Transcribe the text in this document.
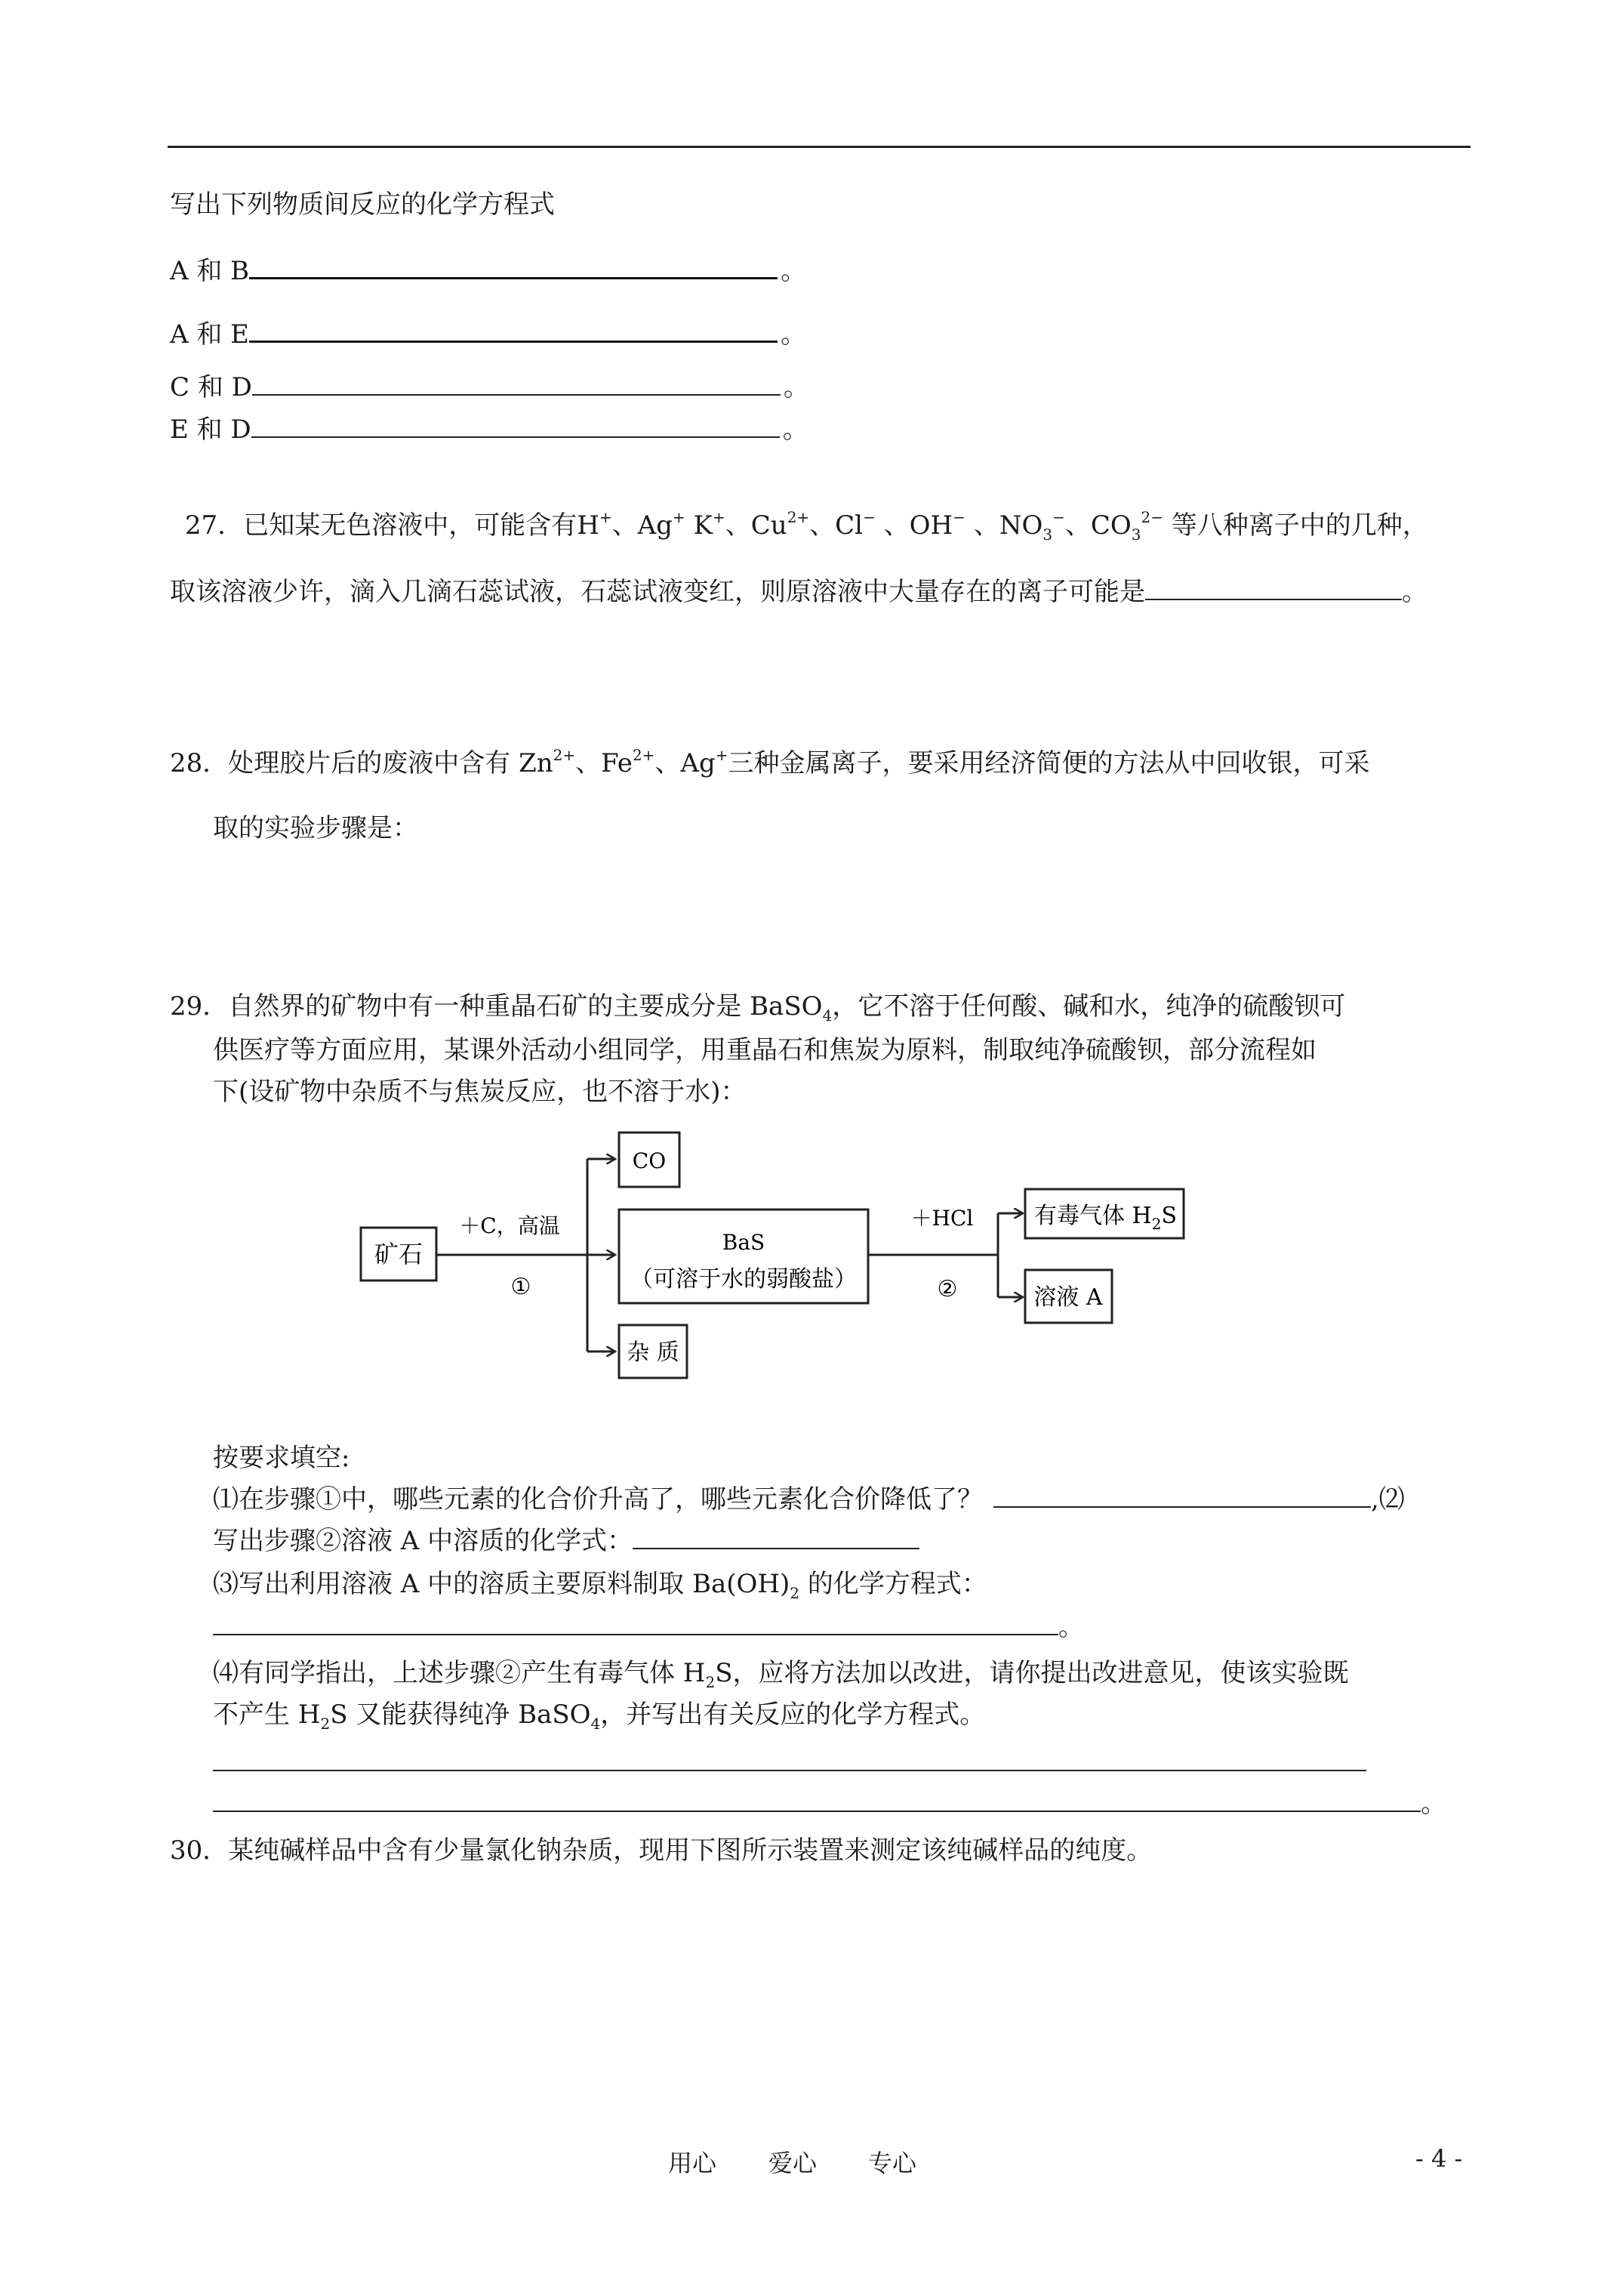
写出下列物质间反应的化学方程式
A 和 B	。
A 和 E	。
C 和 D	。
E 和 D	。
27．已知某无色溶液中，可能含有H+、Ag+ K+、$Cu^{2+}$、Cl− 、OH− 、$NO_3^-$、$CO_3^{2-}$ 等八种离子中的几种，
取该溶液少许，滴入几滴石蕊试液，石蕊试液变红，则原溶液中大量存在的离子可能是	。
28．处理胶片后的废液中含有 $Zn^{2+}$、$Fe^{2+}$、Ag+三种金属离子，要采用经济简便的方法从中回收银，可采
取的实验步骤是：
29．自然界的矿物中有一种重晶石矿的主要成分是 BaSO$_4$，它不溶于任何酸、碱和水，纯净的硫酸钡可
供医疗等方面应用，某课外活动小组同学，用重晶石和焦炭为原料，制取纯净硫酸钡，部分流程如
下(设矿物中杂质不与焦炭反应，也不溶于水)：
矿石
＋C，高温
①
CO
BaS
（可溶于水的弱酸盐）
杂 质
＋HCl
②
有毒气体 $H_2S$
溶液 A
按要求填空:
⑴在步骤①中，哪些元素的化合价升高了，哪些元素化合价降低了？	,⑵
写出步骤②溶液 A 中溶质的化学式：
⑶写出利用溶液 A 中的溶质主要原料制取 $Ba(OH)_2$ 的化学方程式：
。
⑷有同学指出，上述步骤②产生有毒气体 $H_2S$，应将方法加以改进，请你提出改进意见，使该实验既
不产生 $H_2S$ 又能获得纯净 BaSO$_4$，并写出有关反应的化学方程式。
。
30．某纯碱样品中含有少量氯化钠杂质，现用下图所示装置来测定该纯碱样品的纯度。
用心 爱心 专心	- 4 -
